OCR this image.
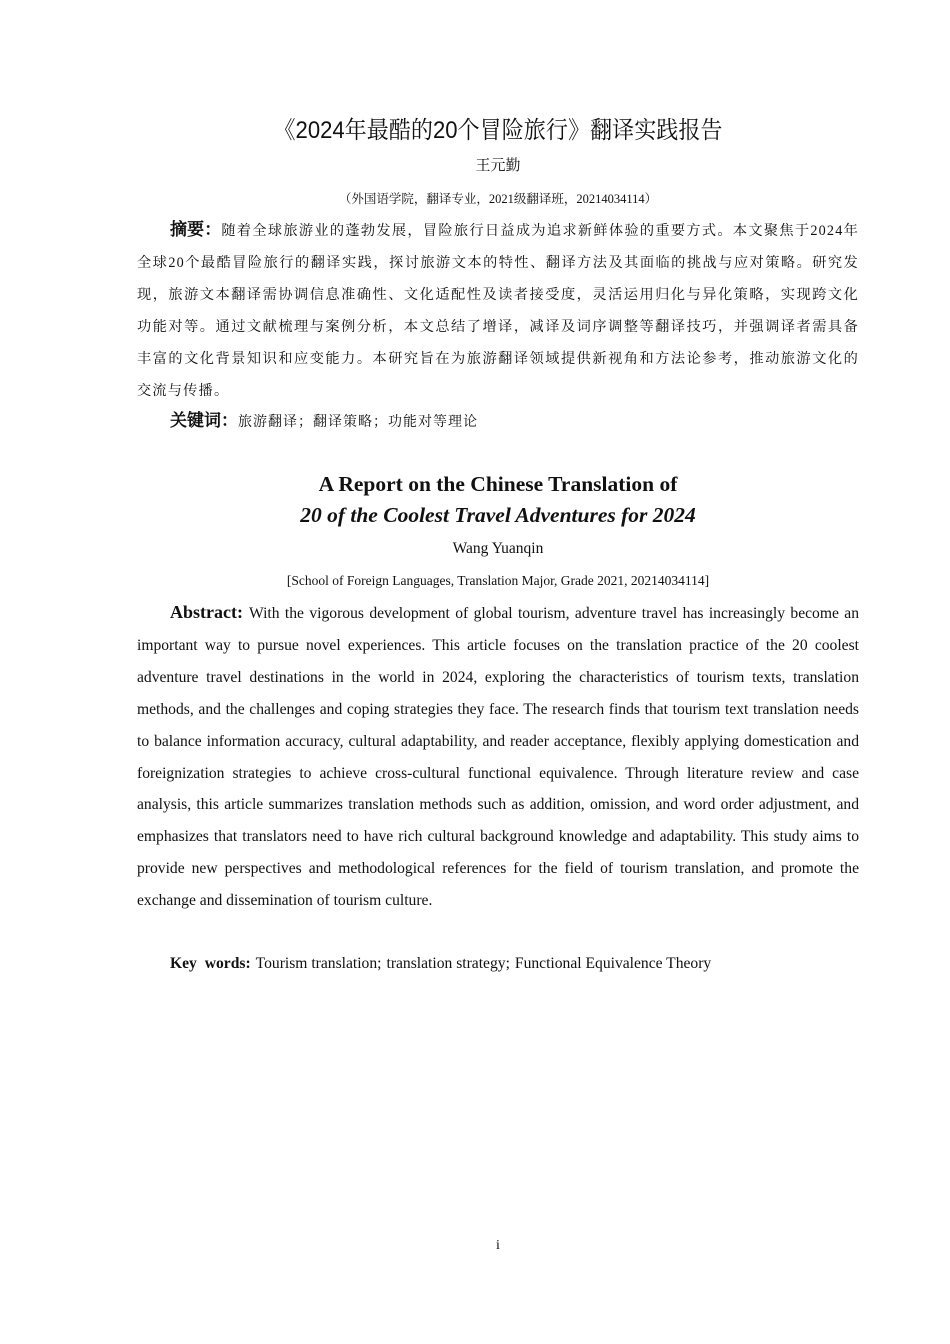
《2024年最酷的20个冒险旅行》翻译实践报告
王元勤
（外国语学院，翻译专业，2021级翻译班，20214034114）
摘要：随着全球旅游业的蓬勃发展，冒险旅行日益成为追求新鲜体验的重要方式。本文聚焦于2024年全球20个最酷冒险旅行的翻译实践，探讨旅游文本的特性、翻译方法及其面临的挑战与应对策略。研究发现，旅游文本翻译需协调信息准确性、文化适配性及读者接受度，灵活运用归化与异化策略，实现跨文化功能对等。通过文献梳理与案例分析，本文总结了增译，减译及词序调整等翻译技巧，并强调译者需具备丰富的文化背景知识和应变能力。本研究旨在为旅游翻译领域提供新视角和方法论参考，推动旅游文化的交流与传播。
关键词：旅游翻译；翻译策略；功能对等理论
A Report on the Chinese Translation of
20 of the Coolest Travel Adventures for 2024
Wang Yuanqin
[School of Foreign Languages, Translation Major, Grade 2021, 20214034114]
Abstract: With the vigorous development of global tourism, adventure travel has increasingly become an important way to pursue novel experiences. This article focuses on the translation practice of the 20 coolest adventure travel destinations in the world in 2024, exploring the characteristics of tourism texts, translation methods, and the challenges and coping strategies they face. The research finds that tourism text translation needs to balance information accuracy, cultural adaptability, and reader acceptance, flexibly applying domestication and foreignization strategies to achieve cross-cultural functional equivalence. Through literature review and case analysis, this article summarizes translation methods such as addition, omission, and word order adjustment, and emphasizes that translators need to have rich cultural background knowledge and adaptability. This study aims to provide new perspectives and methodological references for the field of tourism translation, and promote the exchange and dissemination of tourism culture.
Key words: Tourism translation; translation strategy; Functional Equivalence Theory
i
